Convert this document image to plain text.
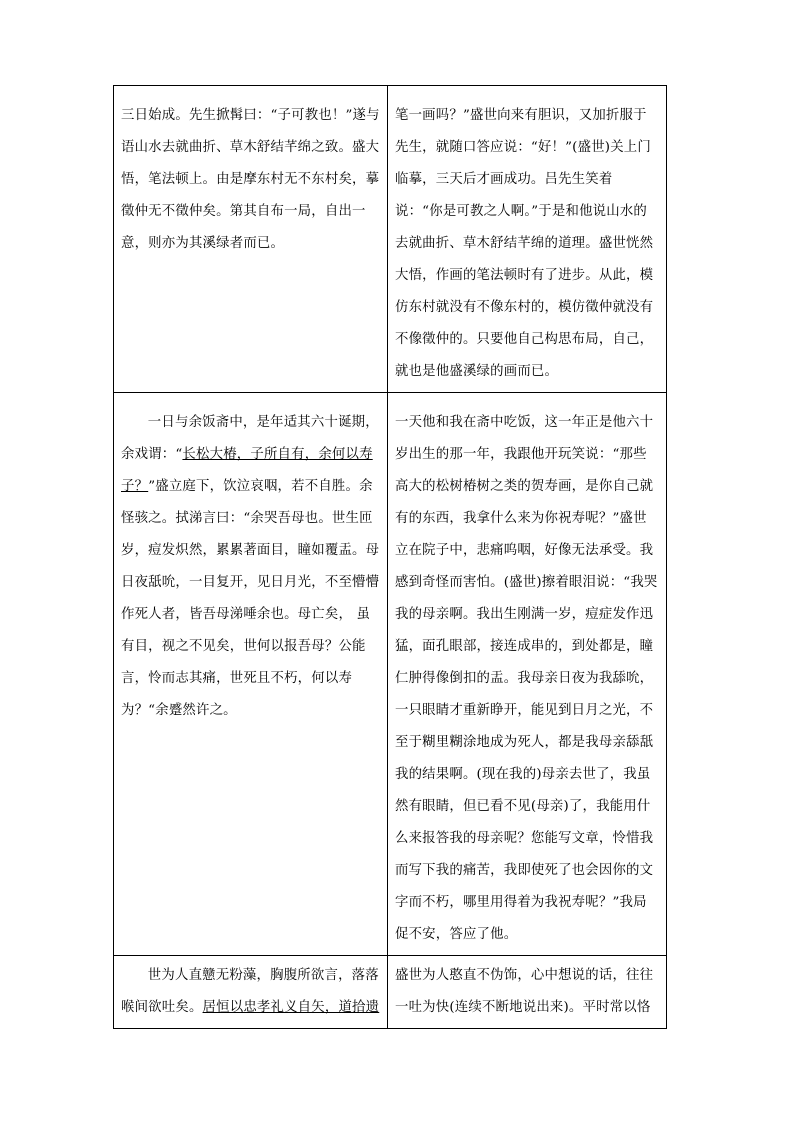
三日始成。先生掀髯曰：“子可教也！”遂与语山水去就曲折、草木舒结芊绵之致。盛大悟，笔法顿上。由是摩东村无不东村矣，摹徵仲无不徵仲矣。第其自布一局，自出一意，则亦为其溪绿者而已。	笔一画吗？”盛世向来有胆识，又加折服于先生，就随口答应说：“好！”(盛世)关上门临摹，三天后才画成功。吕先生笑着说：“你是可教之人啊。”于是和他说山水的去就曲折、草木舒结芊绵的道理。盛世恍然大悟，作画的笔法顿时有了进步。从此，模仿东村就没有不像东村的，模仿徵仲就没有不像徵仲的。只要他自己构思布局，自己，就也是他盛溪绿的画而已。

一日与余饭斋中，是年适其六十诞期，余戏谓：“长松大椿，子所自有，余何以寿子？”盛立庭下，饮泣哀咽，若不自胜。余怪骇之。拭涕言曰：“余哭吾母也。世生匝岁，痘发炽然，累累著面目，瞳如覆盂。母日夜舐吮，一目复开，见日月光，不至懵懵作死人者，皆吾母涕唾余也。母亡矣， 虽有目，视之不见矣，世何以报吾母？公能言，怜而志其痛，世死且不朽，何以寿为？“余蹙然许之。	一天他和我在斋中吃饭，这一年正是他六十岁出生的那一年，我跟他开玩笑说：“那些高大的松树椿树之类的贺寿画，是你自己就有的东西，我拿什么来为你祝寿呢？”盛世立在院子中，悲痛呜咽，好像无法承受。我感到奇怪而害怕。(盛世)擦着眼泪说：“我哭我的母亲啊。我出生刚满一岁，痘症发作迅猛，面孔眼部，接连成串的，到处都是，瞳仁肿得像倒扣的盂。我母亲日夜为我舔吮，一只眼睛才重新睁开，能见到日月之光，不至于糊里糊涂地成为死人，都是我母亲舔舐我的结果啊。(现在我的)母亲去世了，我虽然有眼睛，但已看不见(母亲)了，我能用什么来报答我的母亲呢？您能写文章，怜惜我而写下我的痛苦，我即使死了也会因你的文字而不朽，哪里用得着为我祝寿呢？”我局促不安，答应了他。

世为人直戆无粉藻，胸腹所欲言，落落喉间欲吐矣。居恒以忠孝礼义自矢，道拾遗	盛世为人憨直不伪饰，心中想说的话，往往一吐为快(连续不断地说出来)。平时常以恪
